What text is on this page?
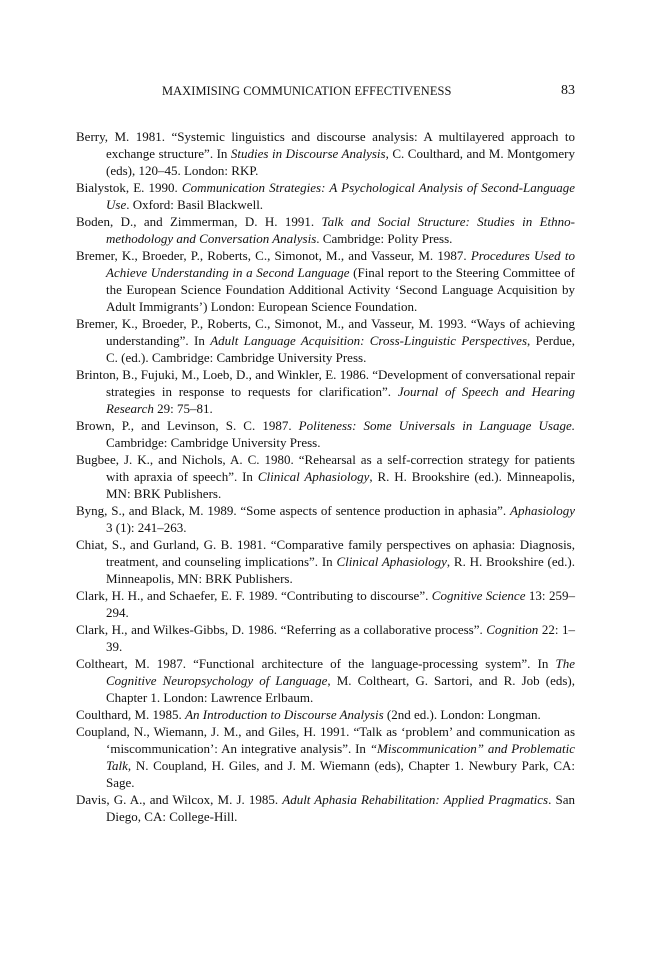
MAXIMISING COMMUNICATION EFFECTIVENESS	83
Berry, M. 1981. “Systemic linguistics and discourse analysis: A multilayered approach to exchange structure”. In Studies in Discourse Analysis, C. Coulthard, and M. Montgomery (eds), 120–45. London: RKP.
Bialystok, E. 1990. Communication Strategies: A Psychological Analysis of Second-Language Use. Oxford: Basil Blackwell.
Boden, D., and Zimmerman, D. H. 1991. Talk and Social Structure: Studies in Ethnomethodology and Conversation Analysis. Cambridge: Polity Press.
Bremer, K., Broeder, P., Roberts, C., Simonot, M., and Vasseur, M. 1987. Procedures Used to Achieve Understanding in a Second Language (Final report to the Steering Committee of the European Science Foundation Additional Activity ‘Second Language Acquisition by Adult Immigrants’) London: European Science Foundation.
Bremer, K., Broeder, P., Roberts, C., Simonot, M., and Vasseur, M. 1993. “Ways of achieving understanding”. In Adult Language Acquisition: Cross-Linguistic Perspectives, Perdue, C. (ed.). Cambridge: Cambridge University Press.
Brinton, B., Fujuki, M., Loeb, D., and Winkler, E. 1986. “Development of conversational repair strategies in response to requests for clarification”. Journal of Speech and Hearing Research 29: 75–81.
Brown, P., and Levinson, S. C. 1987. Politeness: Some Universals in Language Usage. Cambridge: Cambridge University Press.
Bugbee, J. K., and Nichols, A. C. 1980. “Rehearsal as a self-correction strategy for patients with apraxia of speech”. In Clinical Aphasiology, R. H. Brookshire (ed.). Minneapolis, MN: BRK Publishers.
Byng, S., and Black, M. 1989. “Some aspects of sentence production in aphasia”. Aphasiology 3 (1): 241–263.
Chiat, S., and Gurland, G. B. 1981. “Comparative family perspectives on aphasia: Diagnosis, treatment, and counseling implications”. In Clinical Aphasiology, R. H. Brookshire (ed.). Minneapolis, MN: BRK Publishers.
Clark, H. H., and Schaefer, E. F. 1989. “Contributing to discourse”. Cognitive Science 13: 259–294.
Clark, H., and Wilkes-Gibbs, D. 1986. “Referring as a collaborative process”. Cognition 22: 1–39.
Coltheart, M. 1987. “Functional architecture of the language-processing system”. In The Cognitive Neuropsychology of Language, M. Coltheart, G. Sartori, and R. Job (eds), Chapter 1. London: Lawrence Erlbaum.
Coulthard, M. 1985. An Introduction to Discourse Analysis (2nd ed.). London: Longman.
Coupland, N., Wiemann, J. M., and Giles, H. 1991. “Talk as ‘problem’ and communication as ‘miscommunication’: An integrative analysis”. In “Miscommunication” and Problematic Talk, N. Coupland, H. Giles, and J. M. Wiemann (eds), Chapter 1. Newbury Park, CA: Sage.
Davis, G. A., and Wilcox, M. J. 1985. Adult Aphasia Rehabilitation: Applied Pragmatics. San Diego, CA: College-Hill.
